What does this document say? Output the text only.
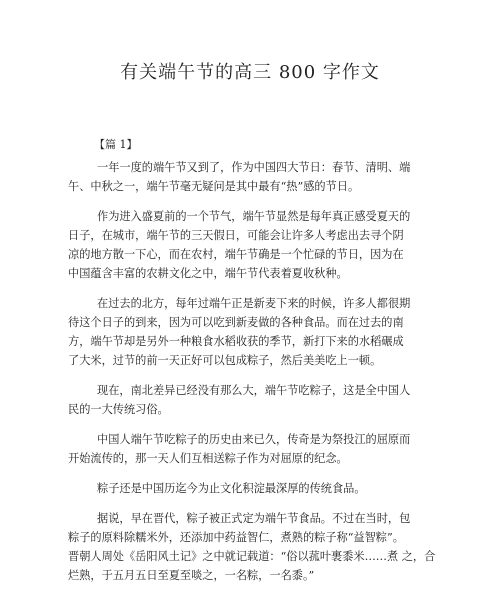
有关端午节的高三 800 字作文
【篇 1】

一年一度的端午节又到了，作为中国四大节日：春节、清明、端
午、中秋之一，端午节毫无疑问是其中最有“热”感的节日。

作为进入盛夏前的一个节气，端午节显然是每年真正感受夏天的
日子，在城市，端午节的三天假日，可能会让许多人考虑出去寻个阴
凉的地方散一下心，而在农村，端午节确是一个忙碌的节日，因为在
中国蕴含丰富的农耕文化之中，端午节代表着夏收秋种。

在过去的北方，每年过端午正是新麦下来的时候，许多人都很期
待这个日子的到来，因为可以吃到新麦做的各种食品。而在过去的南
方，端午节却是另外一种粮食水稻收获的季节，新打下来的水稻碾成
了大米，过节的前一天正好可以包成粽子，然后美美吃上一顿。

现在，南北差异已经没有那么大，端午节吃粽子，这是全中国人
民的一大传统习俗。

中国人端午节吃粽子的历史由来已久，传奇是为祭投江的屈原而
开始流传的，那一天人们互相送粽子作为对屈原的纪念。

粽子还是中国历迄今为止文化积淀最深厚的传统食品。

据说，早在晋代，粽子被正式定为端午节食品。不过在当时，包
粽子的原料除糯米外，还添加中药益智仁，煮熟的粽子称“益智粽”。
晋朝人周处《岳阳风土记》之中就记载道：“俗以菰叶裹黍米……煮 之，合
烂熟，于五月五日至夏至啖之，一名粽，一名黍。”
